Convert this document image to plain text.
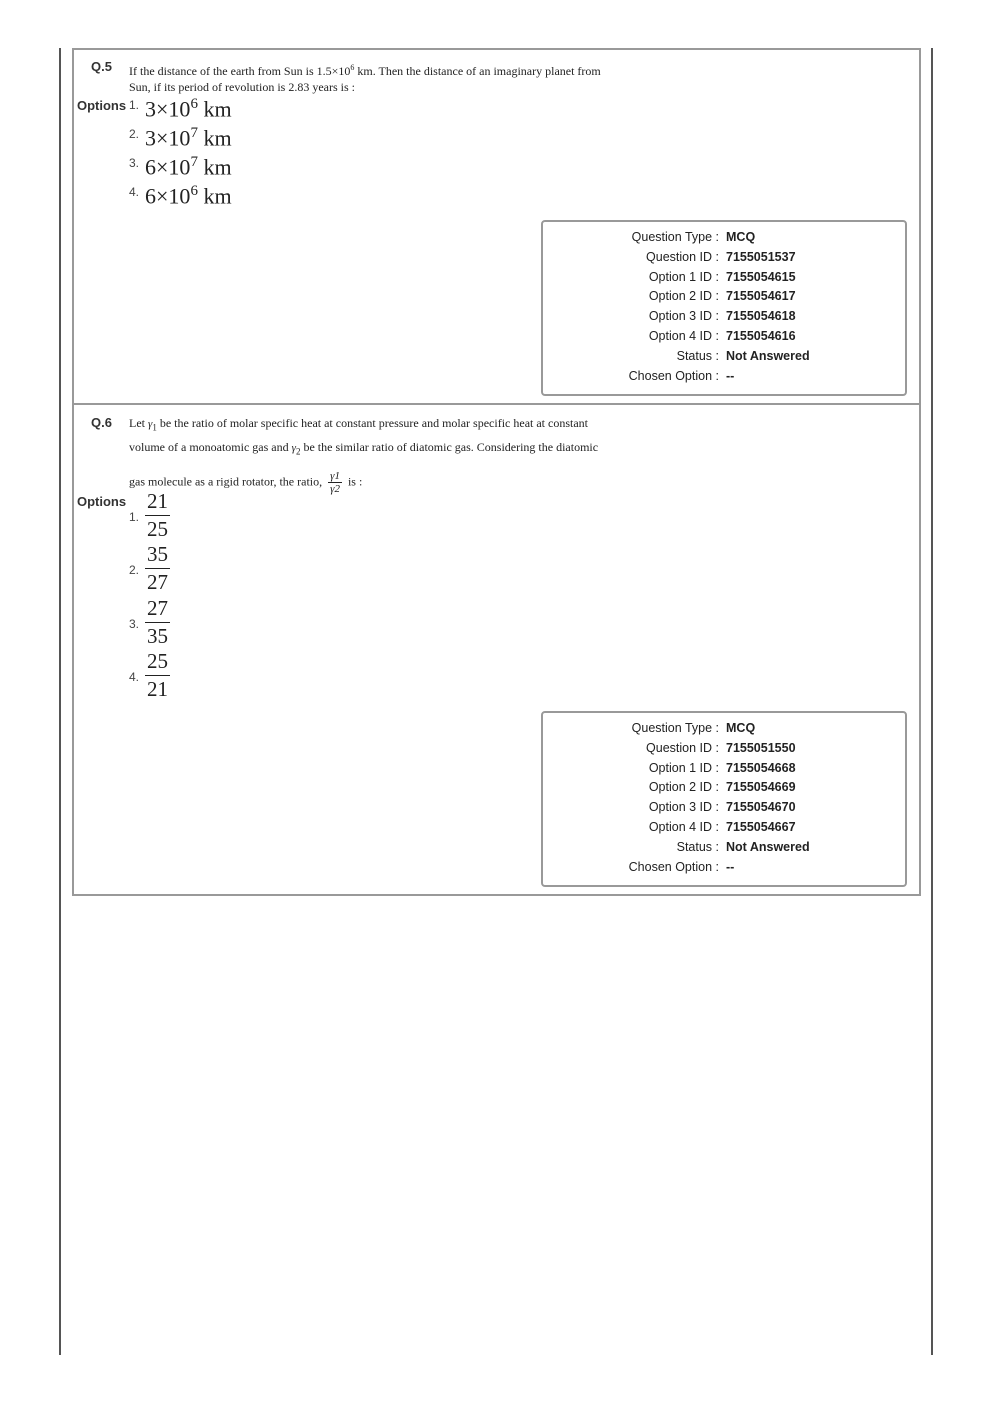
Q.5 If the distance of the earth from Sun is $1.5\times 10^6$ km. Then the distance of an imaginary planet from
Sun, if its period of revolution is 2.83 years is :
Options 1. $3\times 10^6$ km
2. $3\times 10^7$ km
3. $6\times 10^7$ km
4. $6\times 10^6$ km
Question Type : MCQ
Question ID : 7155051537
Option 1 ID : 7155054615
Option 2 ID : 7155054617
Option 3 ID : 7155054618
Option 4 ID : 7155054616
Status : Not Answered
Chosen Option : --
Q.6 Let $\gamma_1$ be the ratio of molar specific heat at constant pressure and molar specific heat at constant
volume of a monoatomic gas and $\gamma_2$ be the similar ratio of diatomic gas. Considering the diatomic
gas molecule as a rigid rotator, the ratio, $\frac{\gamma 1}{\gamma 2}$ is :
Options
1. $\frac{21}{25}$
2. $\frac{35}{27}$
3. $\frac{27}{35}$
4. $\frac{25}{21}$
Question Type : MCQ
Question ID : 7155051550
Option 1 ID : 7155054668
Option 2 ID : 7155054669
Option 3 ID : 7155054670
Option 4 ID : 7155054667
Status : Not Answered
Chosen Option : --
